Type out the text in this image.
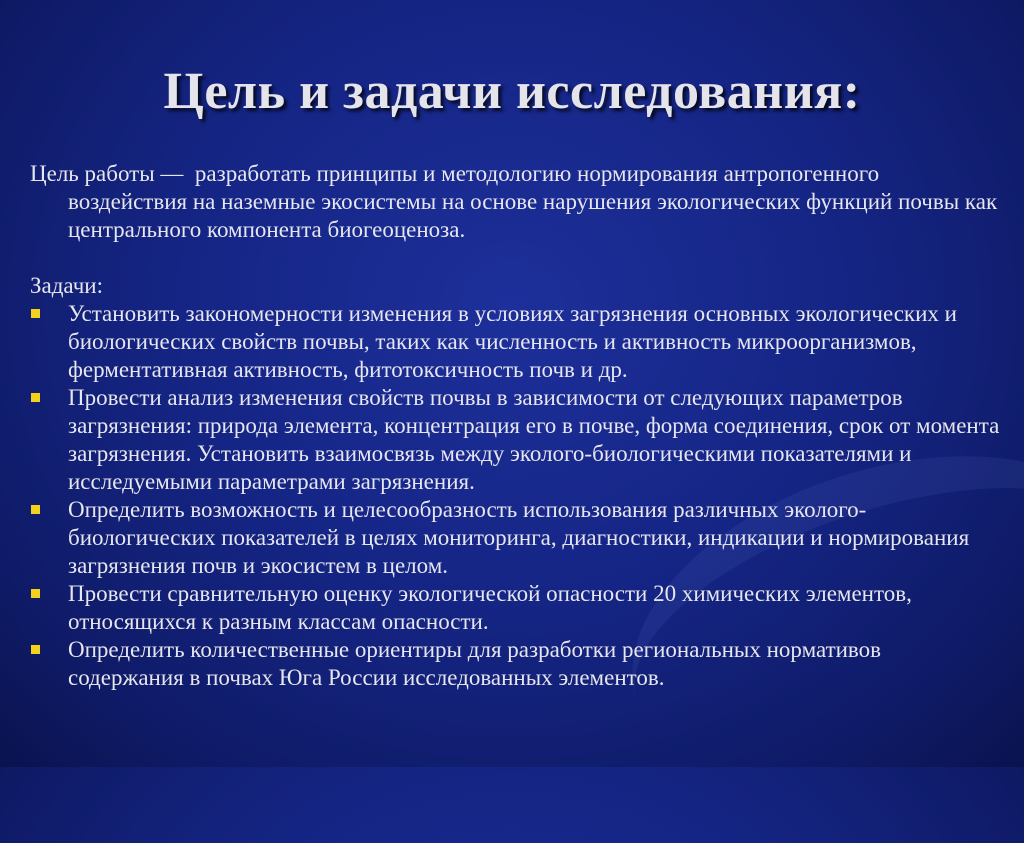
Цель и задачи исследования:

Цель работы —  разработать принципы и методологию нормирования антропогенного воздействия на наземные экосистемы на основе нарушения экологических функций почвы как центрального компонента биогеоценоза.

Задачи:

Установить закономерности изменения в условиях загрязнения основных экологических и биологических свойств почвы, таких как численность и активность микроорганизмов, ферментативная активность, фитотоксичность почв и др.
Провести анализ изменения свойств почвы в зависимости от следующих параметров загрязнения: природа элемента, концентрация его в почве, форма соединения, срок от момента загрязнения. Установить взаимосвязь между эколого-биологическими показателями и исследуемыми параметрами загрязнения.
Определить возможность и целесообразность использования различных эколого-биологических показателей в целях мониторинга, диагностики, индикации и нормирования загрязнения почв и экосистем в целом.
Провести сравнительную оценку экологической опасности 20 химических элементов, относящихся к разным классам опасности.
Определить количественные ориентиры для разработки региональных нормативов содержания в почвах Юга России исследованных элементов.
